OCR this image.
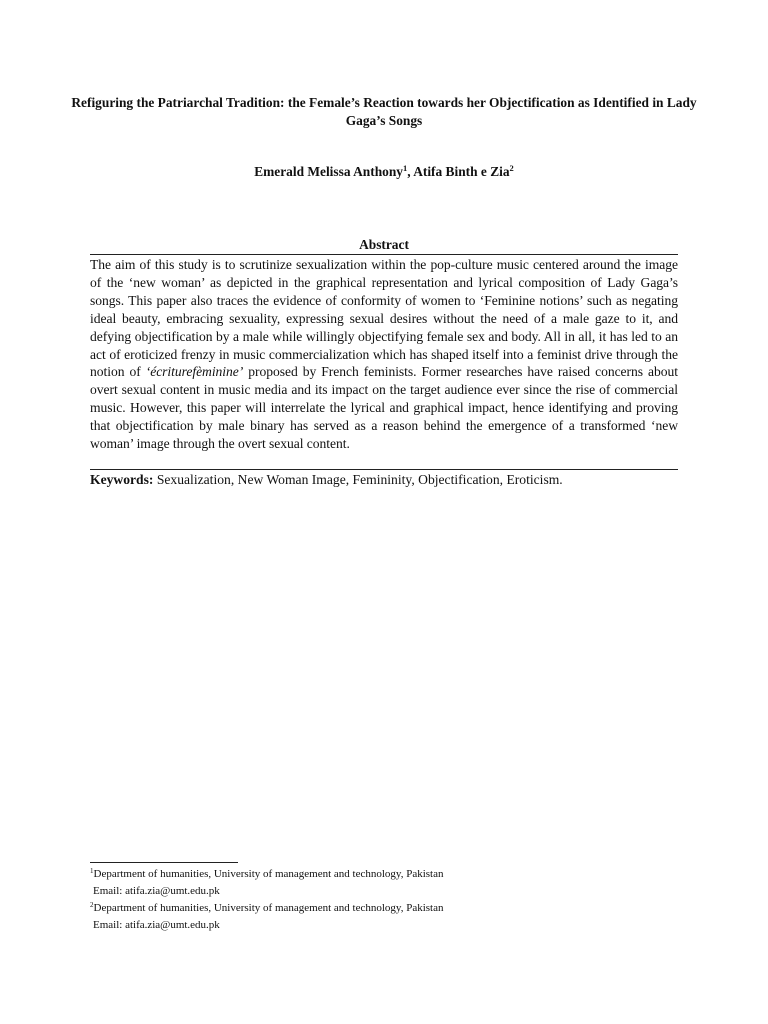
Refiguring the Patriarchal Tradition: the Female’s Reaction towards her Objectification as Identified in Lady Gaga’s Songs
Emerald Melissa Anthony$^1$, Atifa Binth e Zia$^2$
Abstract
The aim of this study is to scrutinize sexualization within the pop-culture music centered around the image of the ‘new woman’ as depicted in the graphical representation and lyrical composition of Lady Gaga’s songs. This paper also traces the evidence of conformity of women to ‘Feminine notions’ such as negating ideal beauty, embracing sexuality, expressing sexual desires without the need of a male gaze to it, and defying objectification by a male while willingly objectifying female sex and body. All in all, it has led to an act of eroticized frenzy in music commercialization which has shaped itself into a feminist drive through the notion of ‘écriturefèminine’ proposed by French feminists. Former researches have raised concerns about overt sexual content in music media and its impact on the target audience ever since the rise of commercial music. However, this paper will interrelate the lyrical and graphical impact, hence identifying and proving that objectification by male binary has served as a reason behind the emergence of a transformed ‘new woman’ image through the overt sexual content.
Keywords: Sexualization, New Woman Image, Femininity, Objectification, Eroticism.
$^1$Department of humanities, University of management and technology, Pakistan
Email: atifa.zia@umt.edu.pk
$^2$Department of humanities, University of management and technology, Pakistan
Email: atifa.zia@umt.edu.pk
